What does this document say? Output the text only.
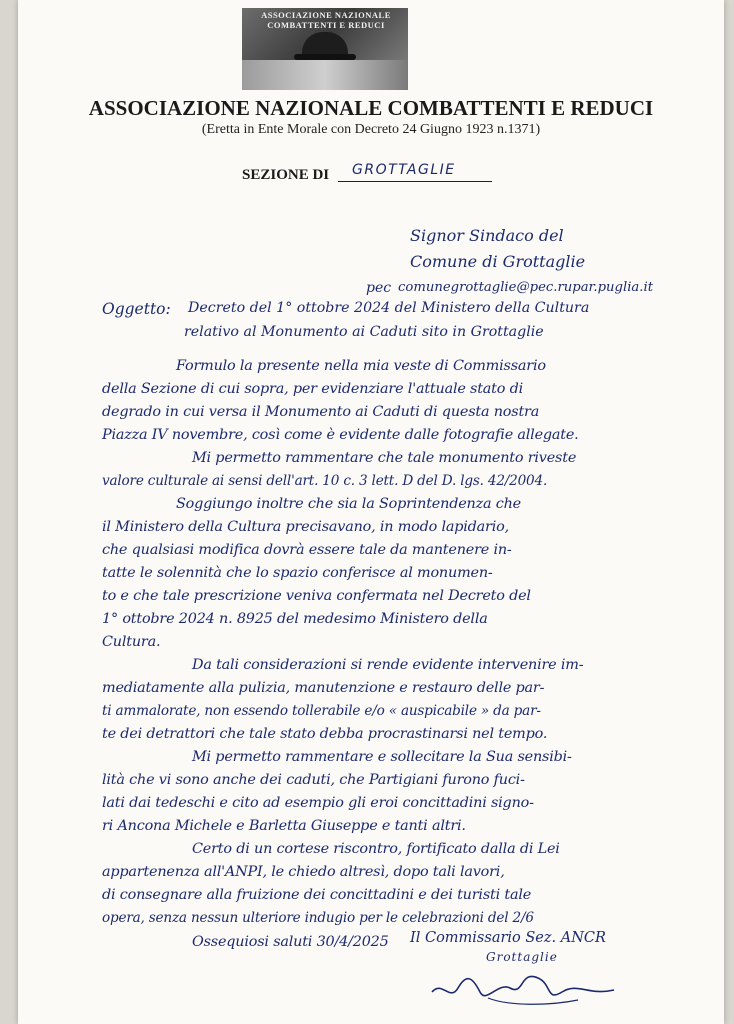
ASSOCIAZIONE NAZIONALE
COMBATTENTI E REDUCI
ASSOCIAZIONE NAZIONALE COMBATTENTI E REDUCI
(Eretta in Ente Morale con Decreto 24 Giugno 1923 n.1371)
SEZIONE DI GROTTAGLIE
Signor Sindaco del
Comune di Grottaglie
pec comunegrottaglie@pec.rupar.puglia.it
Oggetto: Decreto del 1° ottobre 2024 del Ministero della Cultura
relativo al Monumento ai Caduti sito in Grottaglie
Formulo la presente nella mia veste di Commissario
della Sezione di cui sopra, per evidenziare l'attuale stato di
degrado in cui versa il Monumento ai Caduti di questa nostra
Piazza IV novembre, così come è evidente dalle fotografie allegate.
Mi permetto rammentare che tale monumento riveste
valore culturale ai sensi dell'art. 10 c. 3 lett. D del D. lgs. 42/2004.
Soggiungo inoltre che sia la Soprintendenza che
il Ministero della Cultura precisavano, in modo lapidario,
che qualsiasi modifica dovrà essere tale da mantenere in-
tatte le solennità che lo spazio conferisce al monumen-
to e che tale prescrizione veniva confermata nel Decreto del
1° ottobre 2024 n. 8925 del medesimo Ministero della
Cultura.
Da tali considerazioni si rende evidente intervenire im-
mediatamente alla pulizia, manutenzione e restauro delle par-
ti ammalorate, non essendo tollerabile e/o « auspicabile » da par-
te dei detrattori che tale stato debba procrastinarsi nel tempo.
Mi permetto rammentare e sollecitare la Sua sensibi-
lità che vi sono anche dei caduti, che Partigiani furono fuci-
lati dai tedeschi e cito ad esempio gli eroi concittadini signo-
ri Ancona Michele e Barletta Giuseppe e tanti altri.
Certo di un cortese riscontro, fortificato dalla di Lei
appartenenza all'ANPI, le chiedo altresì, dopo tali lavori,
di consegnare alla fruizione dei concittadini e dei turisti tale
opera, senza nessun ulteriore indugio per le celebrazioni del 2/6
Ossequiosi saluti 30/4/2025 Il Commissario Sez. ANCR
Grottaglie
